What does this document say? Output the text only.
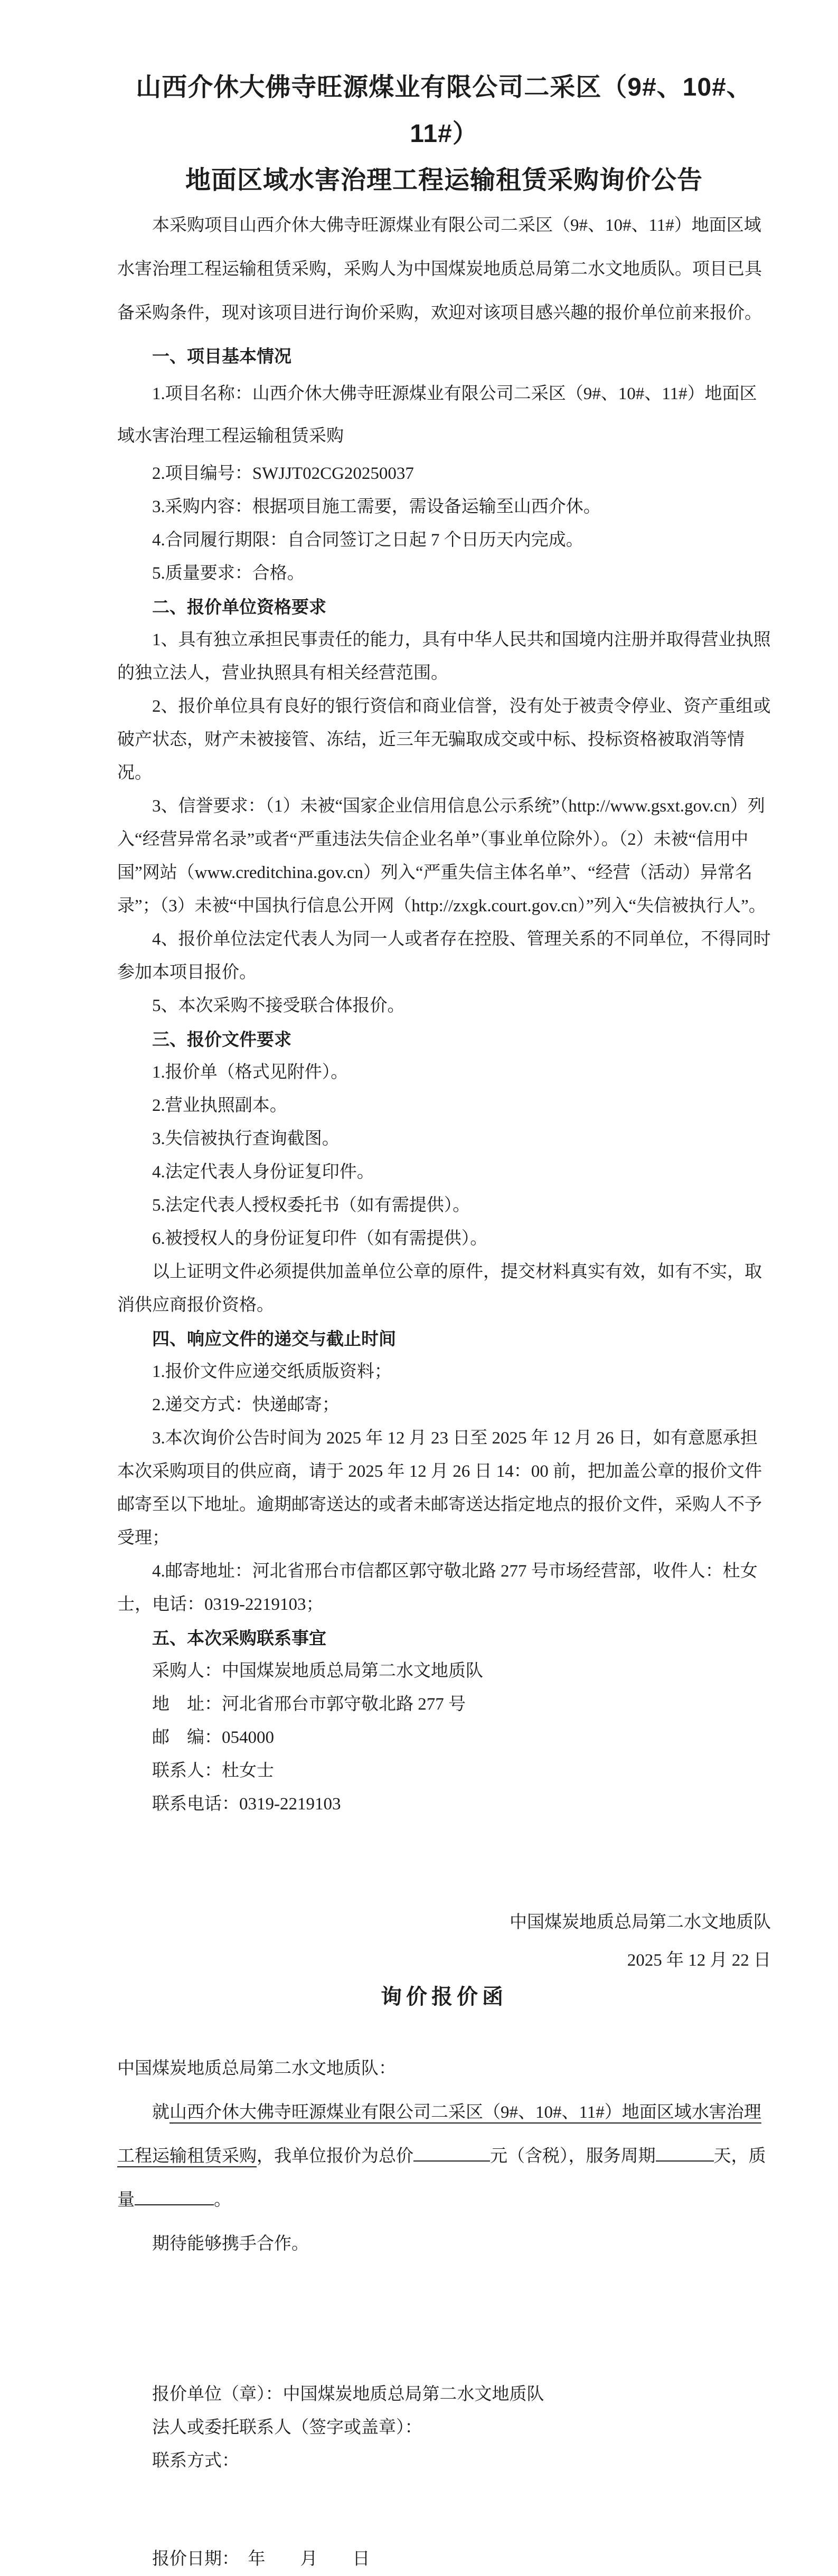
山西介休大佛寺旺源煤业有限公司二采区（9#、10#、11#）
地面区域水害治理工程运输租赁采购询价公告

本采购项目山西介休大佛寺旺源煤业有限公司二采区（9#、10#、11#）地面区域水害治理工程运输租赁采购，采购人为中国煤炭地质总局第二水文地质队。项目已具备采购条件，现对该项目进行询价采购，欢迎对该项目感兴趣的报价单位前来报价。

一、项目基本情况

1.项目名称：山西介休大佛寺旺源煤业有限公司二采区（9#、10#、11#）地面区域水害治理工程运输租赁采购

2.项目编号：SWJJT02CG20250037

3.采购内容：根据项目施工需要，需设备运输至山西介休。

4.合同履行期限：自合同签订之日起 7 个日历天内完成。

5.质量要求：合格。

二、报价单位资格要求

1、具有独立承担民事责任的能力，具有中华人民共和国境内注册并取得营业执照的独立法人，营业执照具有相关经营范围。

2、报价单位具有良好的银行资信和商业信誉，没有处于被责令停业、资产重组或破产状态，财产未被接管、冻结，近三年无骗取成交或中标、投标资格被取消等情况。

3、信誉要求：（1）未被“国家企业信用信息公示系统”（http://www.gsxt.gov.cn）列入“经营异常名录”或者“严重违法失信企业名单”（事业单位除外）。（2）未被“信用中国”网站（www.creditchina.gov.cn）列入“严重失信主体名单”、“经营（活动）异常名录”；（3）未被“中国执行信息公开网（http://zxgk.court.gov.cn）”列入“失信被执行人”。

4、报价单位法定代表人为同一人或者存在控股、管理关系的不同单位，不得同时参加本项目报价。

5、本次采购不接受联合体报价。

三、报价文件要求

1.报价单（格式见附件）。

2.营业执照副本。

3.失信被执行查询截图。

4.法定代表人身份证复印件。

5.法定代表人授权委托书（如有需提供）。

6.被授权人的身份证复印件（如有需提供）。

以上证明文件必须提供加盖单位公章的原件，提交材料真实有效，如有不实，取消供应商报价资格。

四、响应文件的递交与截止时间

1.报价文件应递交纸质版资料；

2.递交方式：快递邮寄；

3.本次询价公告时间为 2025 年 12 月 23 日至 2025 年 12 月 26 日，如有意愿承担本次采购项目的供应商，请于 2025 年 12 月 26 日 14：00 前，把加盖公章的报价文件邮寄至以下地址。逾期邮寄送达的或者未邮寄送达指定地点的报价文件，采购人不予受理；

4.邮寄地址：河北省邢台市信都区郭守敬北路 277 号市场经营部，收件人：杜女士，电话：0319-2219103；

五、本次采购联系事宜

采购人：中国煤炭地质总局第二水文地质队

地　址：河北省邢台市郭守敬北路 277 号

邮　编：054000

联系人：杜女士

联系电话：0319-2219103

中国煤炭地质总局第二水文地质队

2025 年 12 月 22 日

询价报价函

中国煤炭地质总局第二水文地质队：

就山西介休大佛寺旺源煤业有限公司二采区（9#、10#、11#）地面区域水害治理工程运输租赁采购，我单位报价为总价	元（含税），服务周期	天，质量	。

期待能够携手合作。

报价单位（章）：中国煤炭地质总局第二水文地质队

法人或委托联系人（签字或盖章）：

联系方式：

报价日期：　年　　月　　日
